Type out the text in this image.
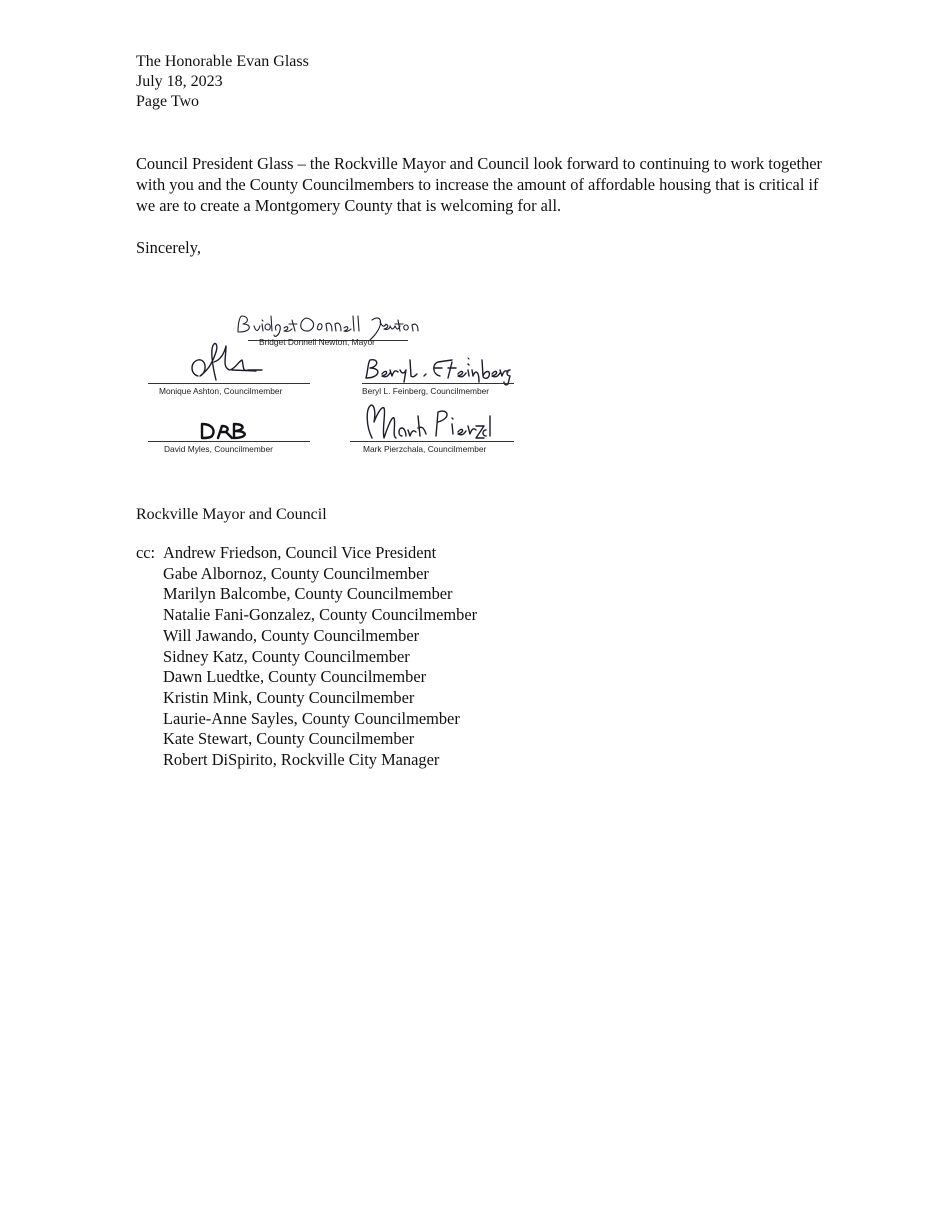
The Honorable Evan Glass
July 18, 2023
Page Two

Council President Glass – the Rockville Mayor and Council look forward to continuing to work together with you and the County Councilmembers to increase the amount of affordable housing that is critical if we are to create a Montgomery County that is welcoming for all.

Sincerely,
Bridget Donnell Newton, Mayor
Monique Ashton, Councilmember	Beryl L. Feinberg, Councilmember
David Myles, Councilmember	Mark Pierzchala, Councilmember
Rockville Mayor and Council
cc: Andrew Friedson, Council Vice President
Gabe Albornoz, County Councilmember
Marilyn Balcombe, County Councilmember
Natalie Fani-Gonzalez, County Councilmember
Will Jawando, County Councilmember
Sidney Katz, County Councilmember
Dawn Luedtke, County Councilmember
Kristin Mink, County Councilmember
Laurie-Anne Sayles, County Councilmember
Kate Stewart, County Councilmember
Robert DiSpirito, Rockville City Manager
